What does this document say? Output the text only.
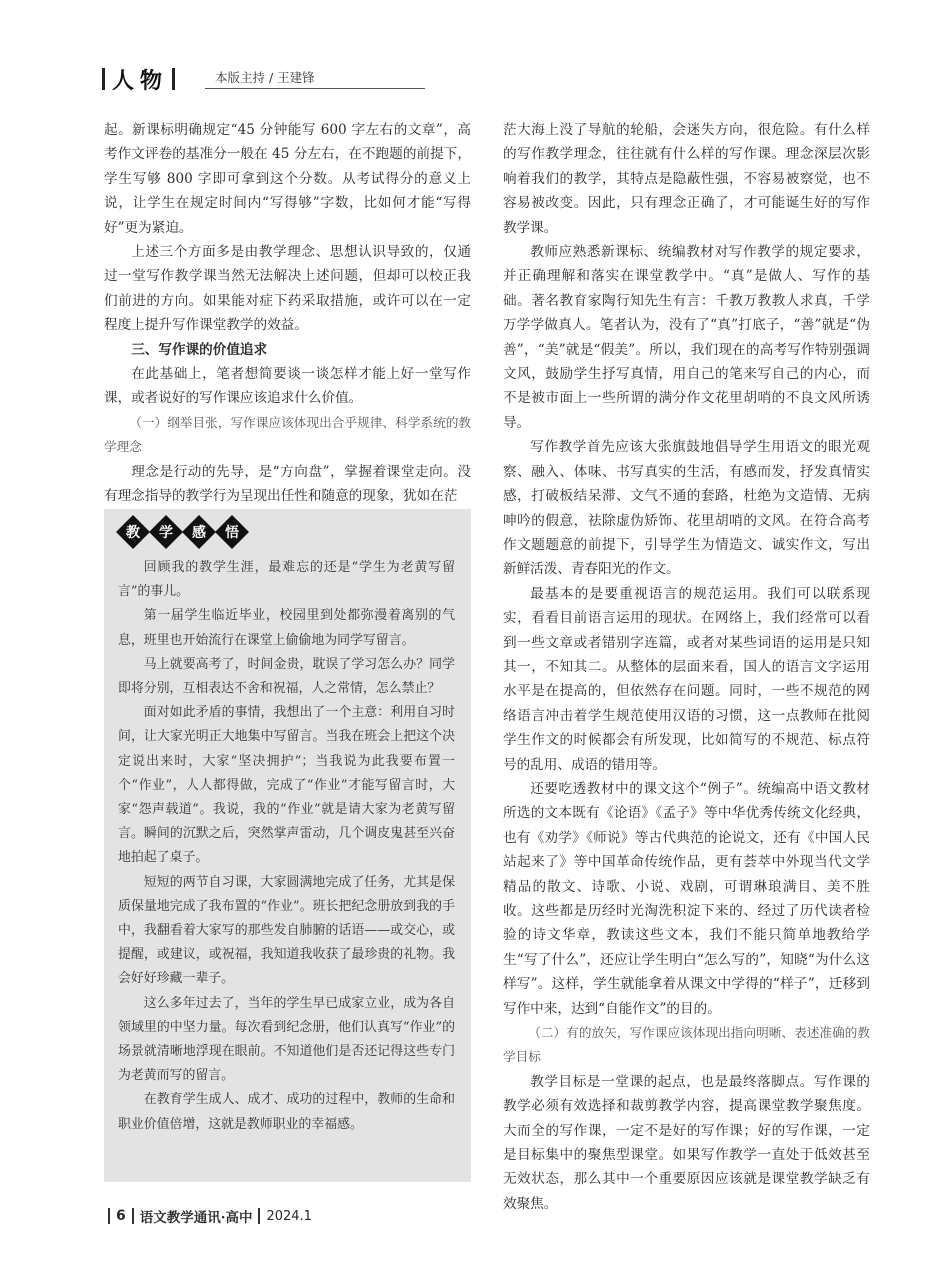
人物	本版主持 / 王建锋

起。新课标明确规定“45 分钟能写 600 字左右的文章”，高考作文评卷的基准分一般在 45 分左右，在不跑题的前提下，学生写够 800 字即可拿到这个分数。从考试得分的意义上说，让学生在规定时间内“写得够”字数，比如何才能“写得好”更为紧迫。

上述三个方面多是由教学理念、思想认识导致的，仅通过一堂写作教学课当然无法解决上述问题，但却可以校正我们前进的方向。如果能对症下药采取措施，或许可以在一定程度上提升写作课堂教学的效益。

三、写作课的价值追求

在此基础上，笔者想简要谈一谈怎样才能上好一堂写作课，或者说好的写作课应该追求什么价值。

（一）纲举目张，写作课应该体现出合乎规律、科学系统的教学理念

理念是行动的先导，是“方向盘”，掌握着课堂走向。没有理念指导的教学行为呈现出任性和随意的现象，犹如在茫

教 学 感 悟

回顾我的教学生涯，最难忘的还是“学生为老黄写留言”的事儿。

第一届学生临近毕业，校园里到处都弥漫着离别的气息，班里也开始流行在课堂上偷偷地为同学写留言。

马上就要高考了，时间金贵，耽误了学习怎么办？同学即将分别，互相表达不舍和祝福，人之常情，怎么禁止？

面对如此矛盾的事情，我想出了一个主意：利用自习时间，让大家光明正大地集中写留言。当我在班会上把这个决定说出来时，大家“坚决拥护”；当我说为此我要布置一个“作业”，人人都得做，完成了“作业”才能写留言时，大家“怨声载道”。我说，我的“作业”就是请大家为老黄写留言。瞬间的沉默之后，突然掌声雷动，几个调皮鬼甚至兴奋地拍起了桌子。

短短的两节自习课，大家圆满地完成了任务，尤其是保质保量地完成了我布置的“作业”。班长把纪念册放到我的手中，我翻看着大家写的那些发自肺腑的话语——或交心，或提醒，或建议，或祝福，我知道我收获了最珍贵的礼物。我会好好珍藏一辈子。

这么多年过去了，当年的学生早已成家立业，成为各自领域里的中坚力量。每次看到纪念册，他们认真写“作业”的场景就清晰地浮现在眼前。不知道他们是否还记得这些专门为老黄而写的留言。

在教育学生成人、成才、成功的过程中，教师的生命和职业价值倍增，这就是教师职业的幸福感。

茫大海上没了导航的轮船，会迷失方向，很危险。有什么样的写作教学理念，往往就有什么样的写作课。理念深层次影响着我们的教学，其特点是隐蔽性强，不容易被察觉，也不容易被改变。因此，只有理念正确了，才可能诞生好的写作教学课。

教师应熟悉新课标、统编教材对写作教学的规定要求，并正确理解和落实在课堂教学中。“真”是做人、写作的基础。著名教育家陶行知先生有言：千教万教教人求真，千学万学学做真人。笔者认为，没有了“真”打底子，“善”就是“伪善”，“美”就是“假美”。所以，我们现在的高考写作特别强调文风，鼓励学生抒写真情，用自己的笔来写自己的内心，而不是被市面上一些所谓的满分作文花里胡哨的不良文风所诱导。

写作教学首先应该大张旗鼓地倡导学生用语文的眼光观察、融入、体味、书写真实的生活，有感而发，抒发真情实感，打破板结呆滞、文气不通的套路，杜绝为文造情、无病呻吟的假意，祛除虚伪矫饰、花里胡哨的文风。在符合高考作文题题意的前提下，引导学生为情造文、诚实作文，写出新鲜活泼、青春阳光的作文。

最基本的是要重视语言的规范运用。我们可以联系现实，看看目前语言运用的现状。在网络上，我们经常可以看到一些文章或者错别字连篇，或者对某些词语的运用是只知其一，不知其二。从整体的层面来看，国人的语言文字运用水平是在提高的，但依然存在问题。同时，一些不规范的网络语言冲击着学生规范使用汉语的习惯，这一点教师在批阅学生作文的时候都会有所发现，比如简写的不规范、标点符号的乱用、成语的错用等。

还要吃透教材中的课文这个“例子”。统编高中语文教材所选的文本既有《论语》《孟子》等中华优秀传统文化经典，也有《劝学》《师说》等古代典范的论说文，还有《中国人民站起来了》等中国革命传统作品，更有荟萃中外现当代文学精品的散文、诗歌、小说、戏剧，可谓琳琅满目、美不胜收。这些都是历经时光淘洗积淀下来的、经过了历代读者检验的诗文华章，教读这些文本，我们不能只简单地教给学生“写了什么”，还应让学生明白“怎么写的”，知晓“为什么这样写”。这样，学生就能拿着从课文中学得的“样子”，迁移到写作中来，达到“自能作文”的目的。

（二）有的放矢，写作课应该体现出指向明晰、表述准确的教学目标

教学目标是一堂课的起点，也是最终落脚点。写作课的教学必须有效选择和裁剪教学内容，提高课堂教学聚焦度。大而全的写作课，一定不是好的写作课；好的写作课，一定是目标集中的聚焦型课堂。如果写作教学一直处于低效甚至无效状态，那么其中一个重要原因应该就是课堂教学缺乏有效聚焦。

6 语文教学通讯·高中 2024.1
